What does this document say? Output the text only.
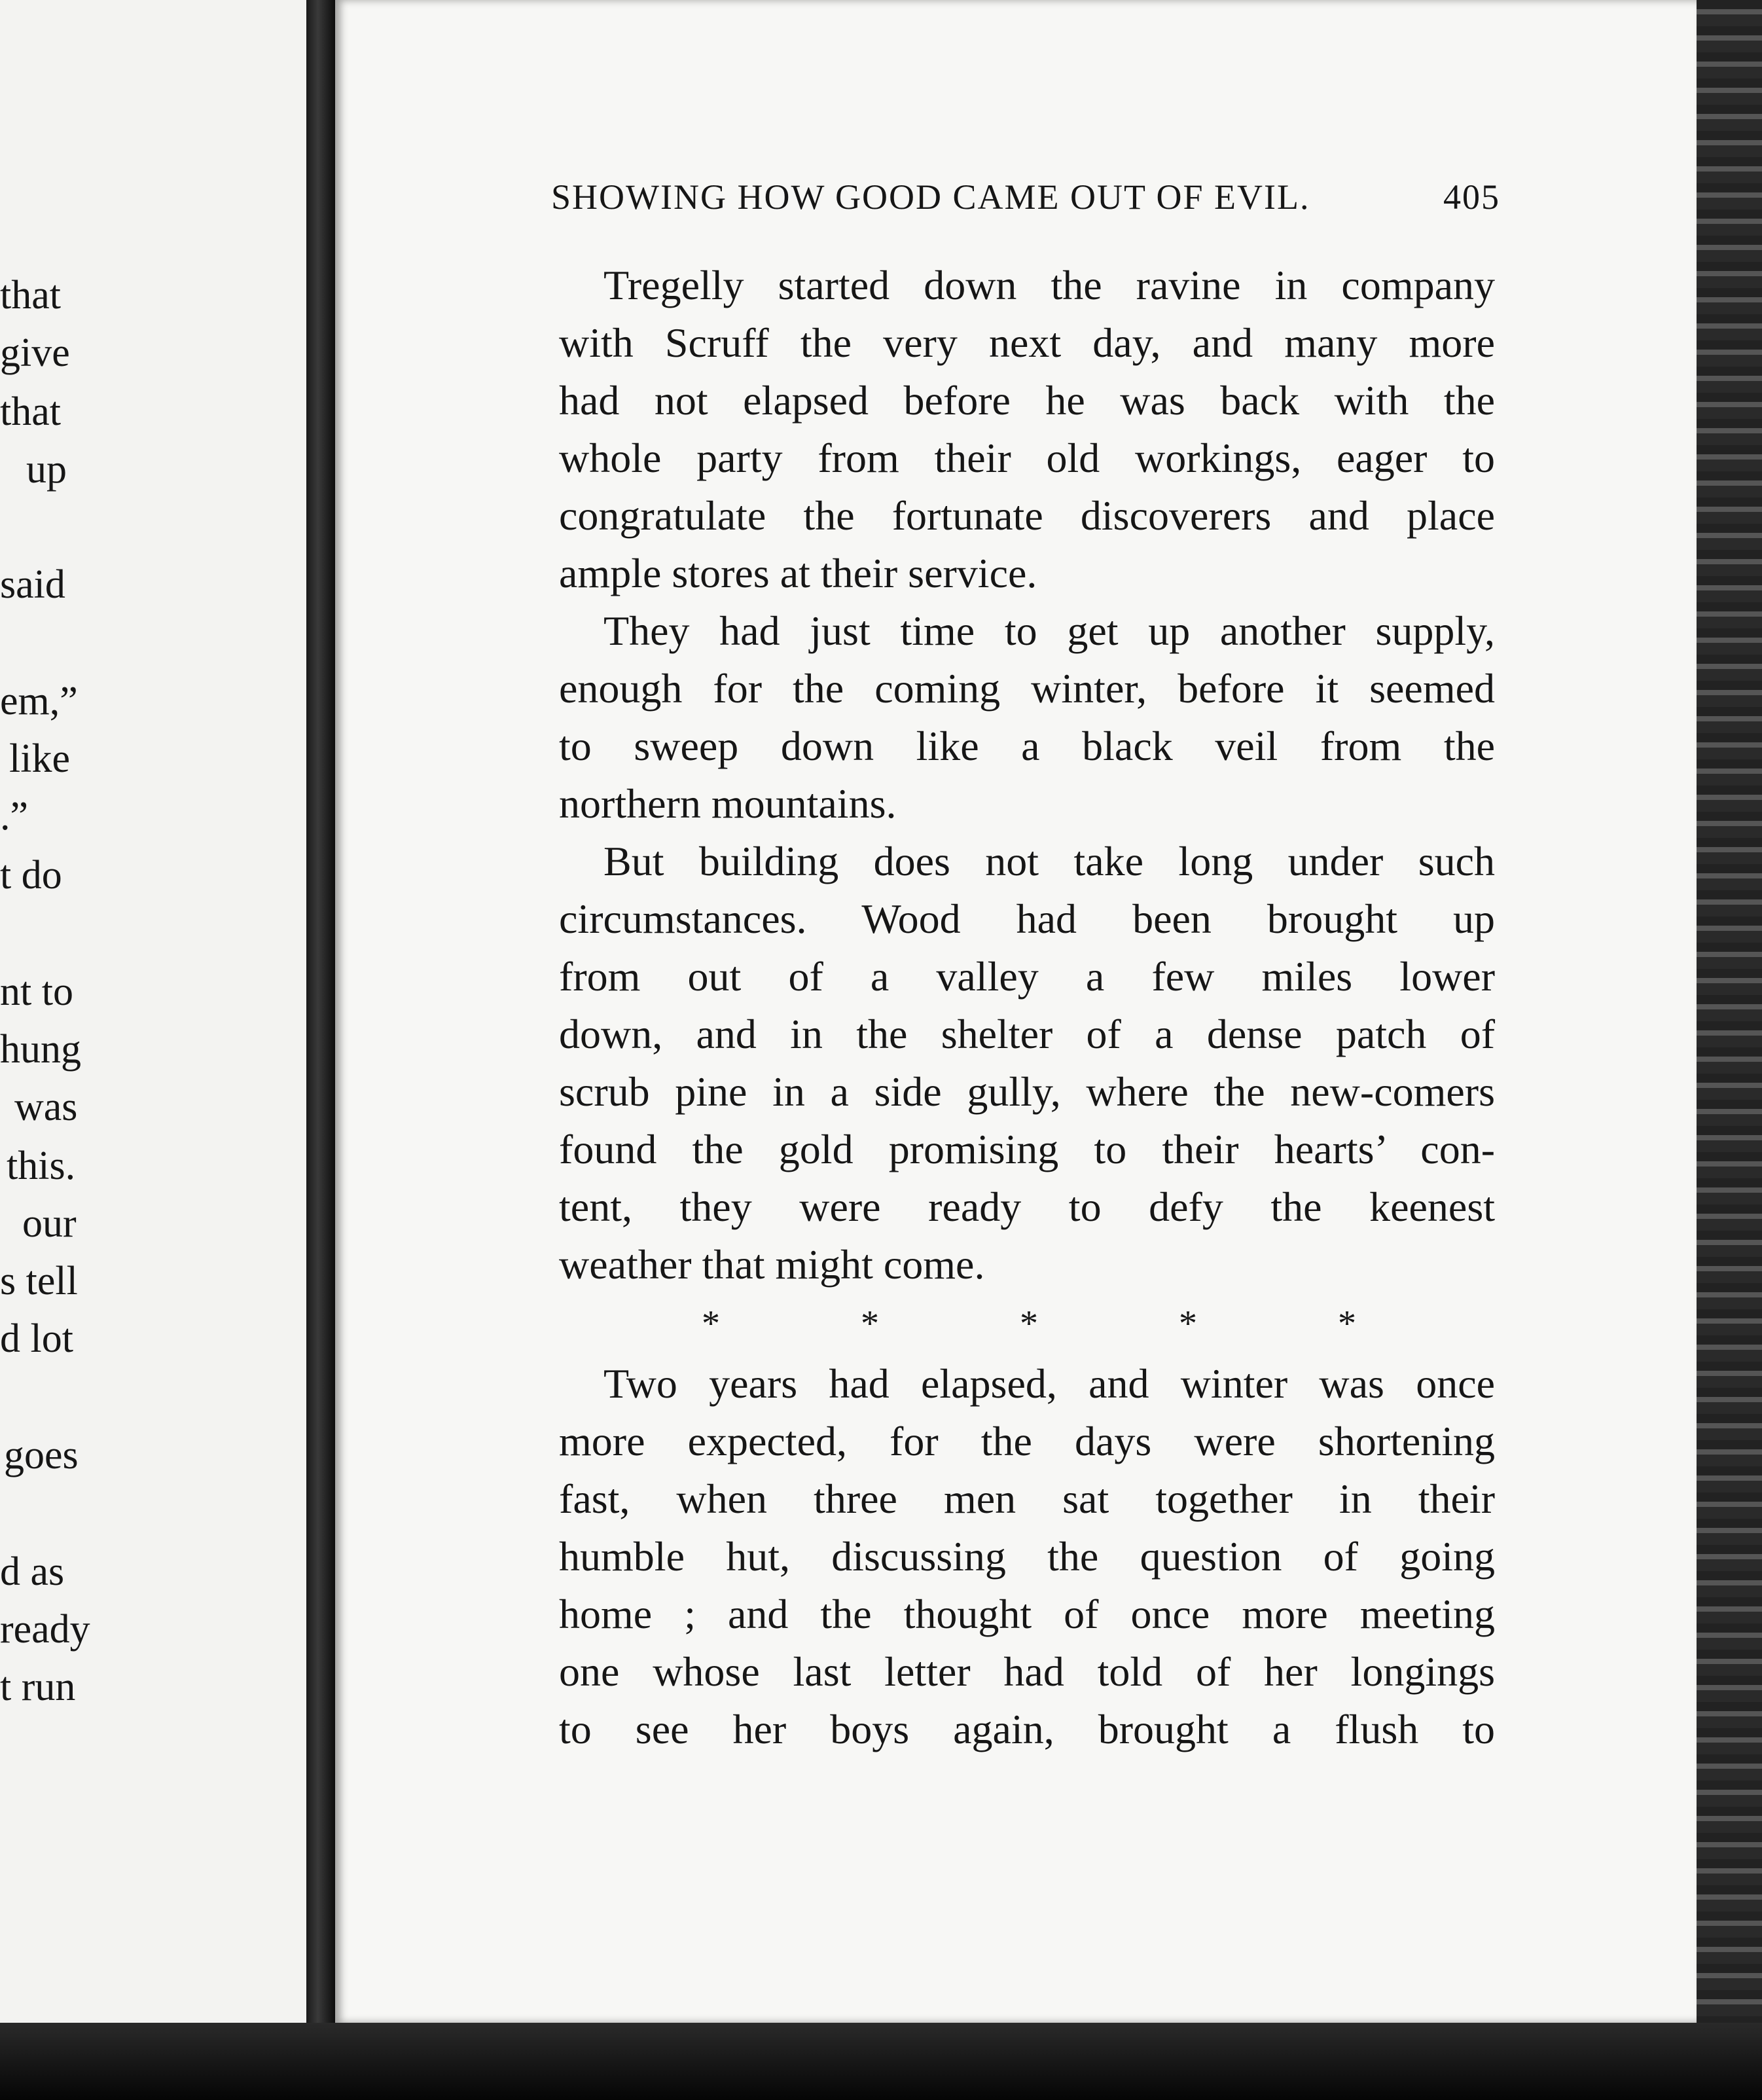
that
give
that
up
said
em,”
like
.”
t do
nt to
hung
was
this.
our
s tell
d lot
goes
d as
ready
t run
SHOWING HOW GOOD CAME OUT OF EVIL.	405
Tregelly started down the ravine in company
with Scruff the very next day, and many more
had not elapsed before he was back with the
whole party from their old workings, eager to
congratulate the fortunate discoverers and place
ample stores at their service.
They had just time to get up another supply,
enough for the coming winter, before it seemed
to sweep down like a black veil from the
northern mountains.
But building does not take long under such
circumstances. Wood had been brought up
from out of a valley a few miles lower
down, and in the shelter of a dense patch of
scrub pine in a side gully, where the new-comers
found the gold promising to their hearts’ con-
tent, they were ready to defy the keenest
weather that might come.
*	*	*	*	*
Two years had elapsed, and winter was once
more expected, for the days were shortening
fast, when three men sat together in their
humble hut, discussing the question of going
home ; and the thought of once more meeting
one whose last letter had told of her longings
to see her boys again, brought a flush to
